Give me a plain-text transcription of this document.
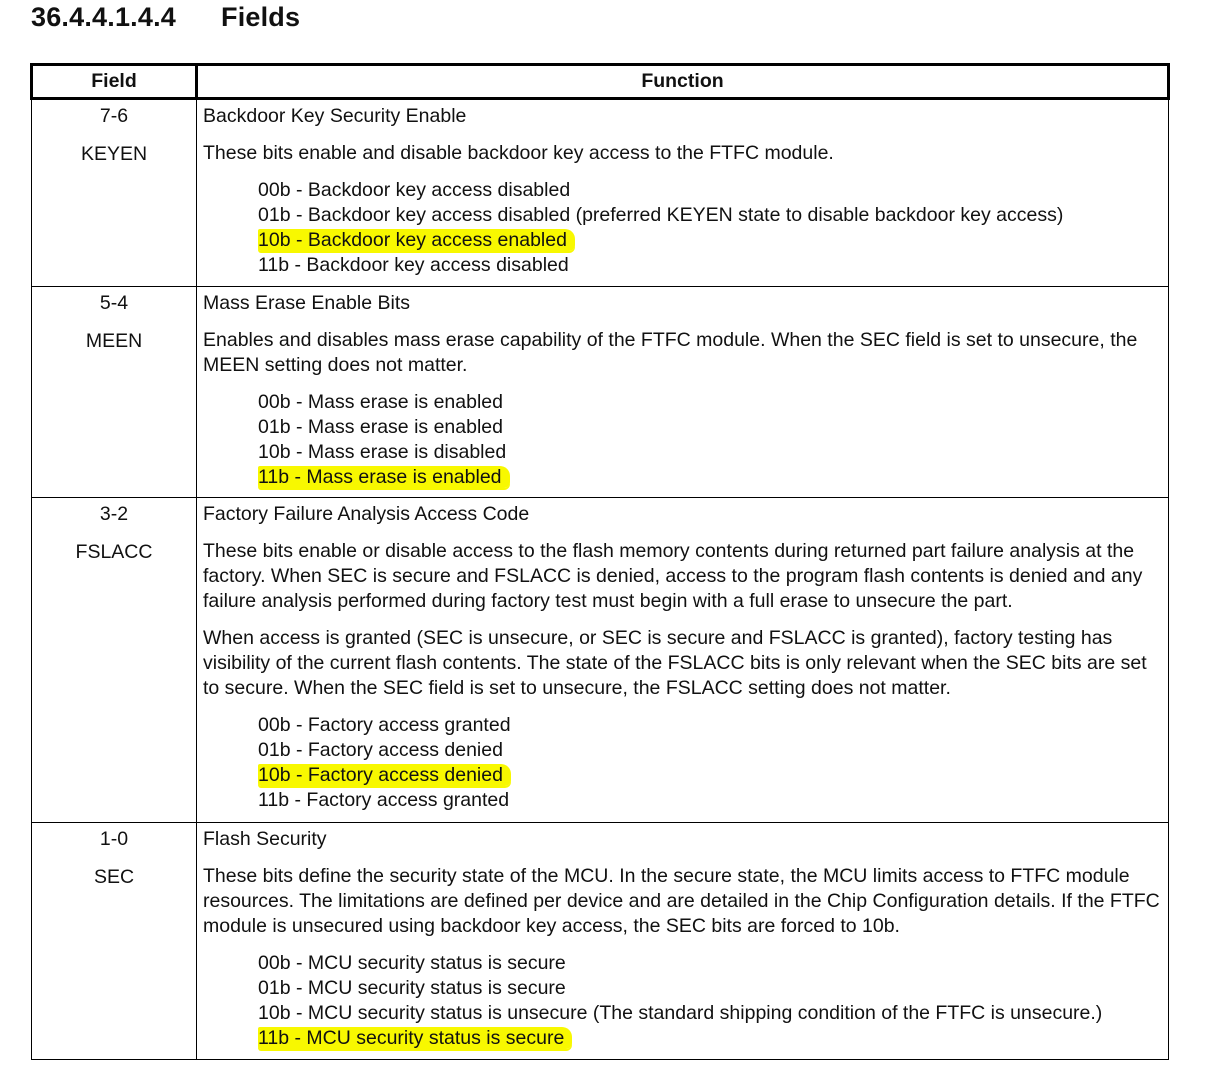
36.4.4.1.4.4 Fields
Field	Function

7-6
KEYEN

Backdoor Key Security Enable
These bits enable and disable backdoor key access to the FTFC module.
00b - Backdoor key access disabled
01b - Backdoor key access disabled (preferred KEYEN state to disable backdoor key access)
10b - Backdoor key access enabled
11b - Backdoor key access disabled

5-4
MEEN

Mass Erase Enable Bits
Enables and disables mass erase capability of the FTFC module. When the SEC field is set to unsecure, the MEEN setting does not matter.
00b - Mass erase is enabled
01b - Mass erase is enabled
10b - Mass erase is disabled
11b - Mass erase is enabled

3-2
FSLACC

Factory Failure Analysis Access Code
These bits enable or disable access to the flash memory contents during returned part failure analysis at the factory. When SEC is secure and FSLACC is denied, access to the program flash contents is denied and any failure analysis performed during factory test must begin with a full erase to unsecure the part.
When access is granted (SEC is unsecure, or SEC is secure and FSLACC is granted), factory testing has visibility of the current flash contents. The state of the FSLACC bits is only relevant when the SEC bits are set to secure. When the SEC field is set to unsecure, the FSLACC setting does not matter.
00b - Factory access granted
01b - Factory access denied
10b - Factory access denied
11b - Factory access granted

1-0
SEC

Flash Security
These bits define the security state of the MCU. In the secure state, the MCU limits access to FTFC module resources. The limitations are defined per device and are detailed in the Chip Configuration details. If the FTFC module is unsecured using backdoor key access, the SEC bits are forced to 10b.
00b - MCU security status is secure
01b - MCU security status is secure
10b - MCU security status is unsecure (The standard shipping condition of the FTFC is unsecure.)
11b - MCU security status is secure
